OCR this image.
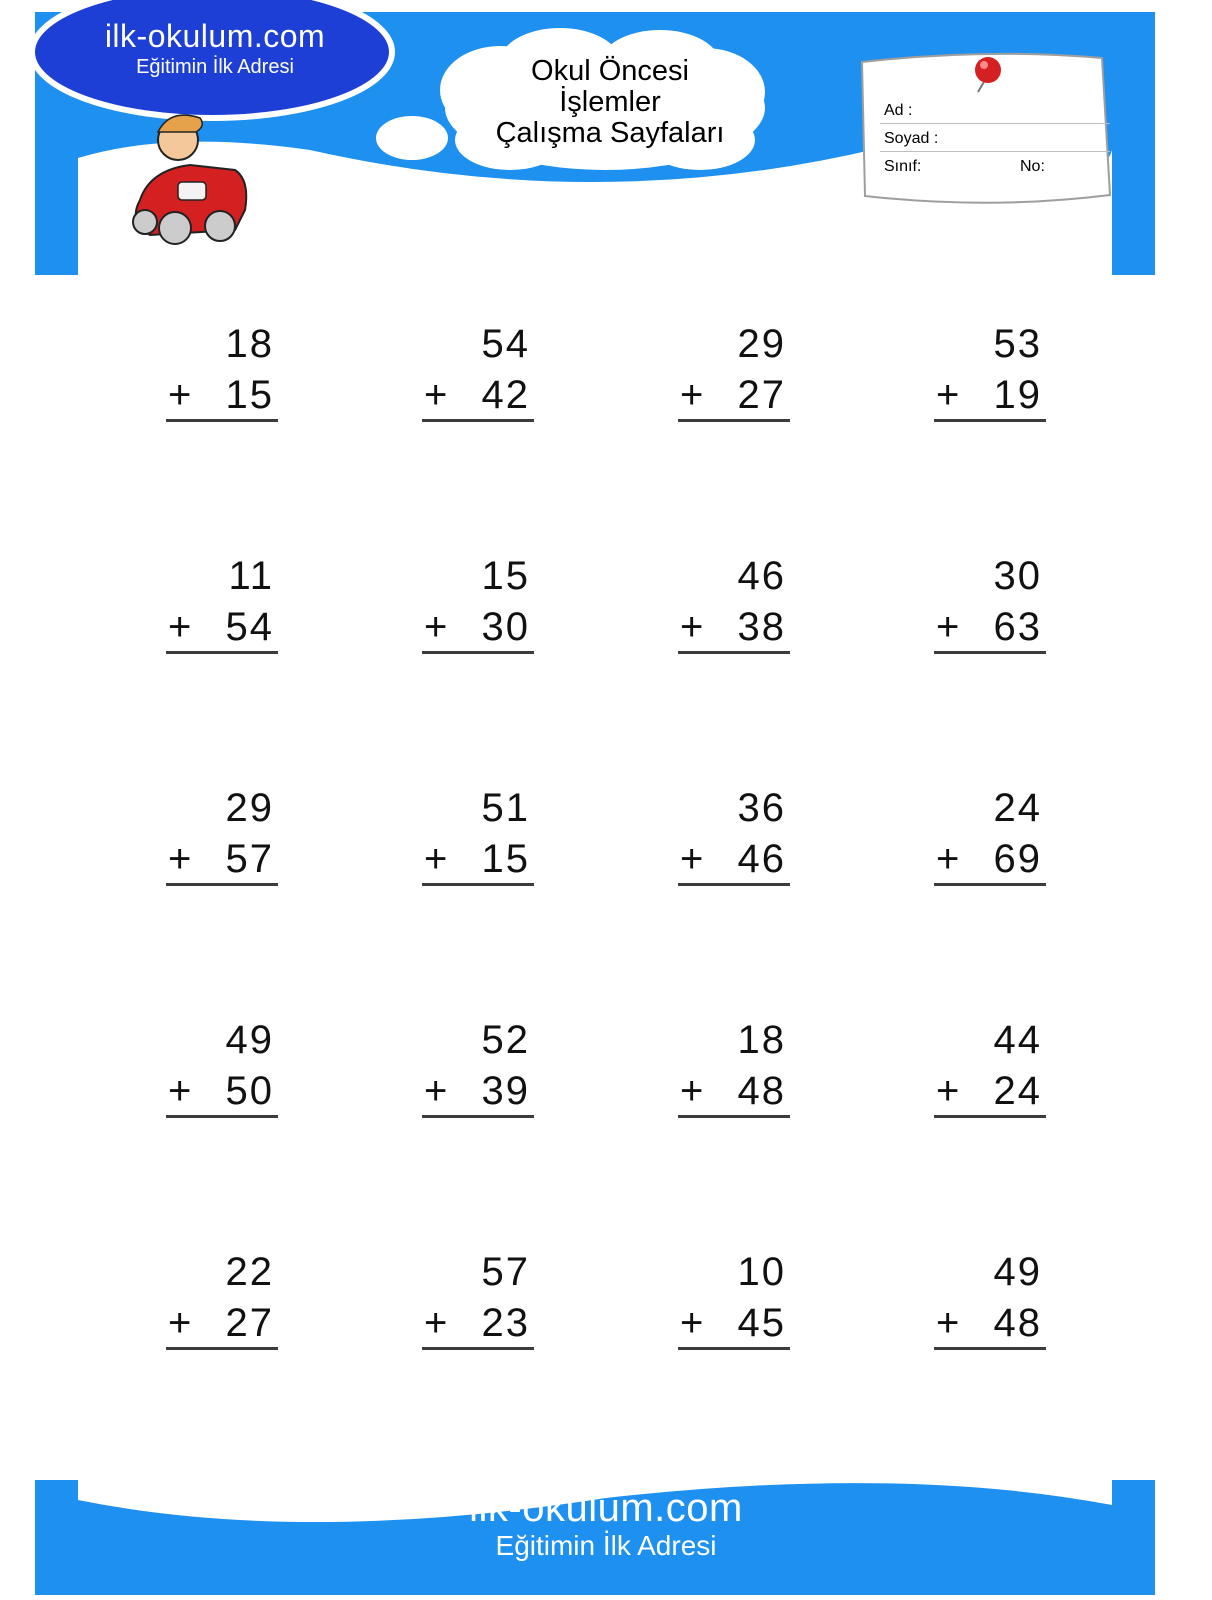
ilk-okulum.com
Eğitimin İlk Adresi	Okul Öncesi
İşlemler
Çalışma Sayfaları
Ad :
Soyad :
Sınıf:	No:
18
+ 15
54
+ 42
29
+ 27
53
+ 19
11
+ 54
15
+ 30
46
+ 38
30
+ 63
29
+ 57
51
+ 15
36
+ 46
24
+ 69
49
+ 50
52
+ 39
18
+ 48
44
+ 24
22
+ 27
57
+ 23
10
+ 45
49
+ 48
ilk-okulum.com
Eğitimin İlk Adresi
